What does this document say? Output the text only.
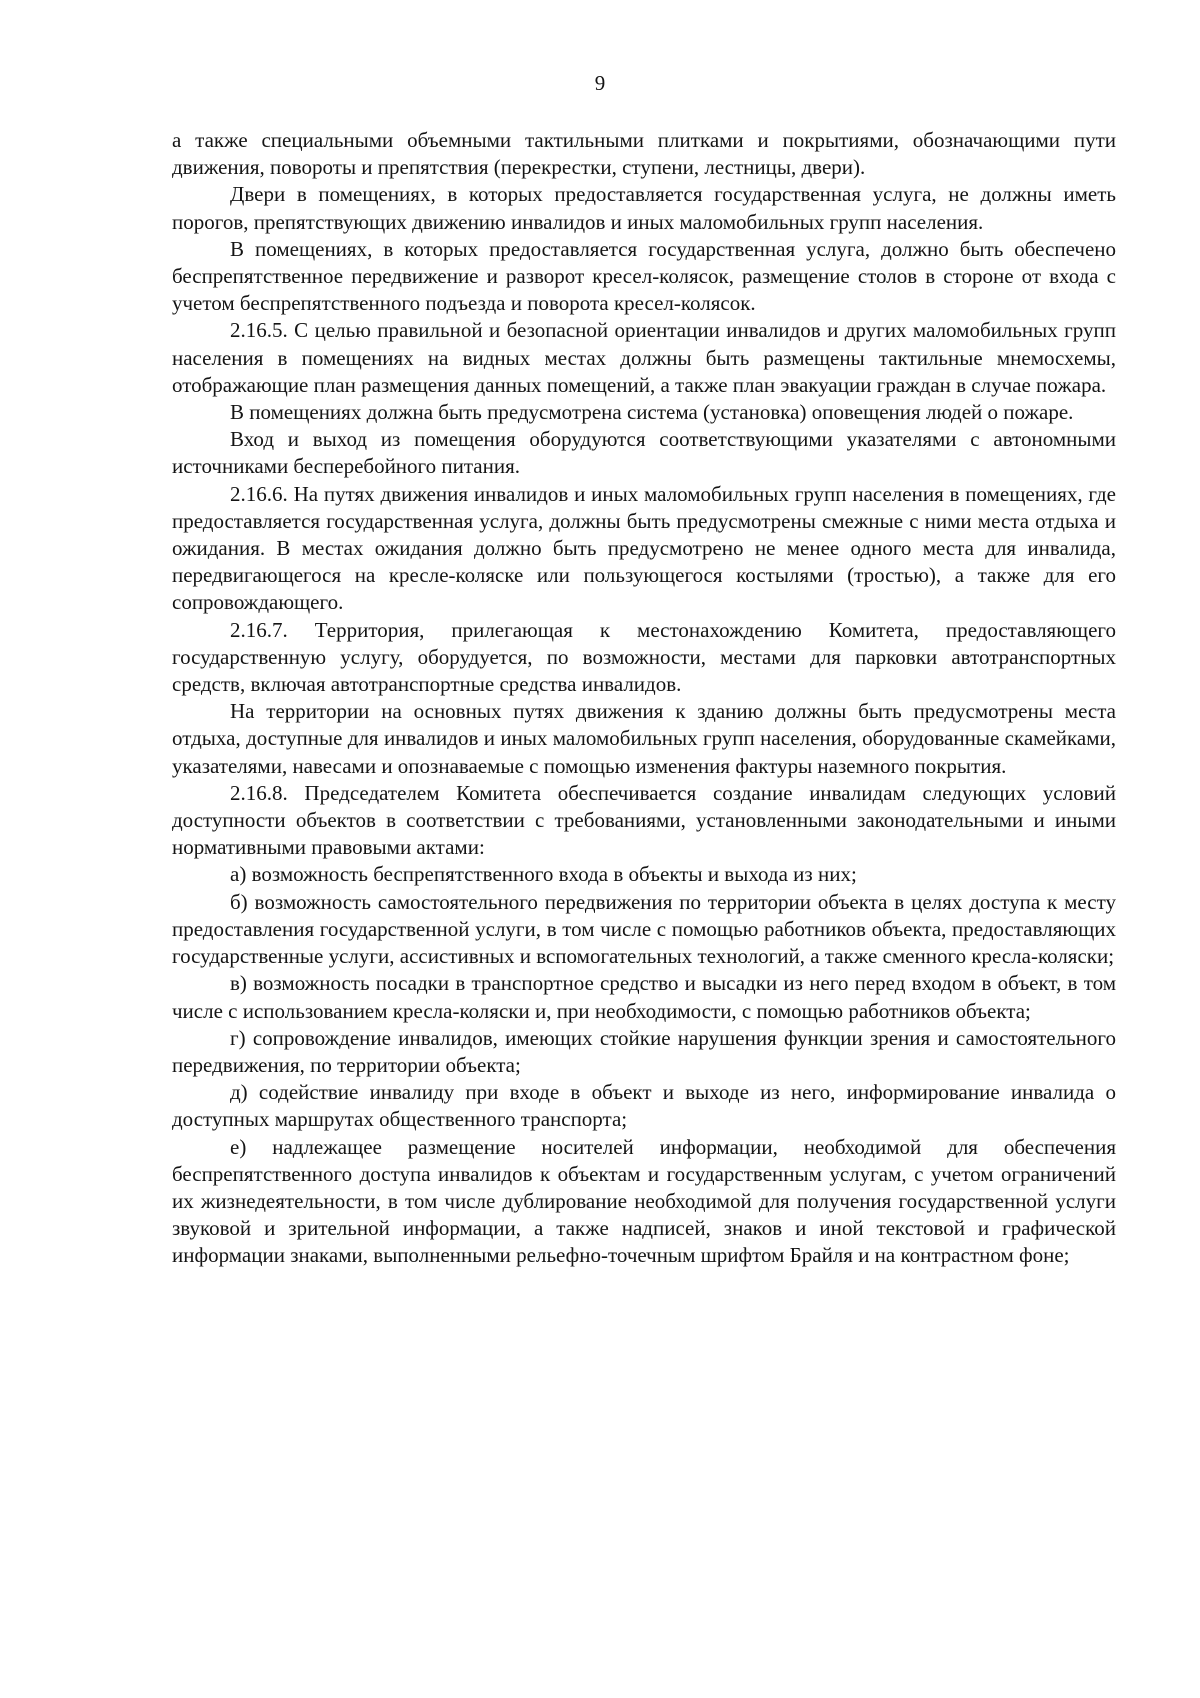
9

а также специальными объемными тактильными плитками и покрытиями, обозначающими пути движения, повороты и препятствия (перекрестки, ступени, лестницы, двери).

Двери в помещениях, в которых предоставляется государственная услуга, не должны иметь порогов, препятствующих движению инвалидов и иных маломобильных групп населения.

В помещениях, в которых предоставляется государственная услуга, должно быть обеспечено беспрепятственное передвижение и разворот кресел-колясок, размещение столов в стороне от входа с учетом беспрепятственного подъезда и поворота кресел-колясок.

2.16.5. С целью правильной и безопасной ориентации инвалидов и других маломобильных групп населения в помещениях на видных местах должны быть размещены тактильные мнемосхемы, отображающие план размещения данных помещений, а также план эвакуации граждан в случае пожара.

В помещениях должна быть предусмотрена система (установка) оповещения людей о пожаре.

Вход и выход из помещения оборудуются соответствующими указателями с автономными источниками бесперебойного питания.

2.16.6. На путях движения инвалидов и иных маломобильных групп населения в помещениях, где предоставляется государственная услуга, должны быть предусмотрены смежные с ними места отдыха и ожидания. В местах ожидания должно быть предусмотрено не менее одного места для инвалида, передвигающегося на кресле-коляске или пользующегося костылями (тростью), а также для его сопровождающего.

2.16.7. Территория, прилегающая к местонахождению Комитета, предоставляющего государственную услугу, оборудуется, по возможности, местами для парковки автотранспортных средств, включая автотранспортные средства инвалидов.

На территории на основных путях движения к зданию должны быть предусмотрены места отдыха, доступные для инвалидов и иных маломобильных групп населения, оборудованные скамейками, указателями, навесами и опознаваемые с помощью изменения фактуры наземного покрытия.

2.16.8. Председателем Комитета обеспечивается создание инвалидам следующих условий доступности объектов в соответствии с требованиями, установленными законодательными и иными нормативными правовыми актами:

а) возможность беспрепятственного входа в объекты и выхода из них;

б) возможность самостоятельного передвижения по территории объекта в целях доступа к месту предоставления государственной услуги, в том числе с помощью работников объекта, предоставляющих государственные услуги, ассистивных и вспомогательных технологий, а также сменного кресла-коляски;

в) возможность посадки в транспортное средство и высадки из него перед входом в объект, в том числе с использованием кресла-коляски и, при необходимости, с помощью работников объекта;

г) сопровождение инвалидов, имеющих стойкие нарушения функции зрения и самостоятельного передвижения, по территории объекта;

д) содействие инвалиду при входе в объект и выходе из него, информирование инвалида о доступных маршрутах общественного транспорта;

е) надлежащее размещение носителей информации, необходимой для обеспечения беспрепятственного доступа инвалидов к объектам и государственным услугам, с учетом ограничений их жизнедеятельности, в том числе дублирование необходимой для получения государственной услуги звуковой и зрительной информации, а также надписей, знаков и иной текстовой и графической информации знаками, выполненными рельефно-точечным шрифтом Брайля и на контрастном фоне;
